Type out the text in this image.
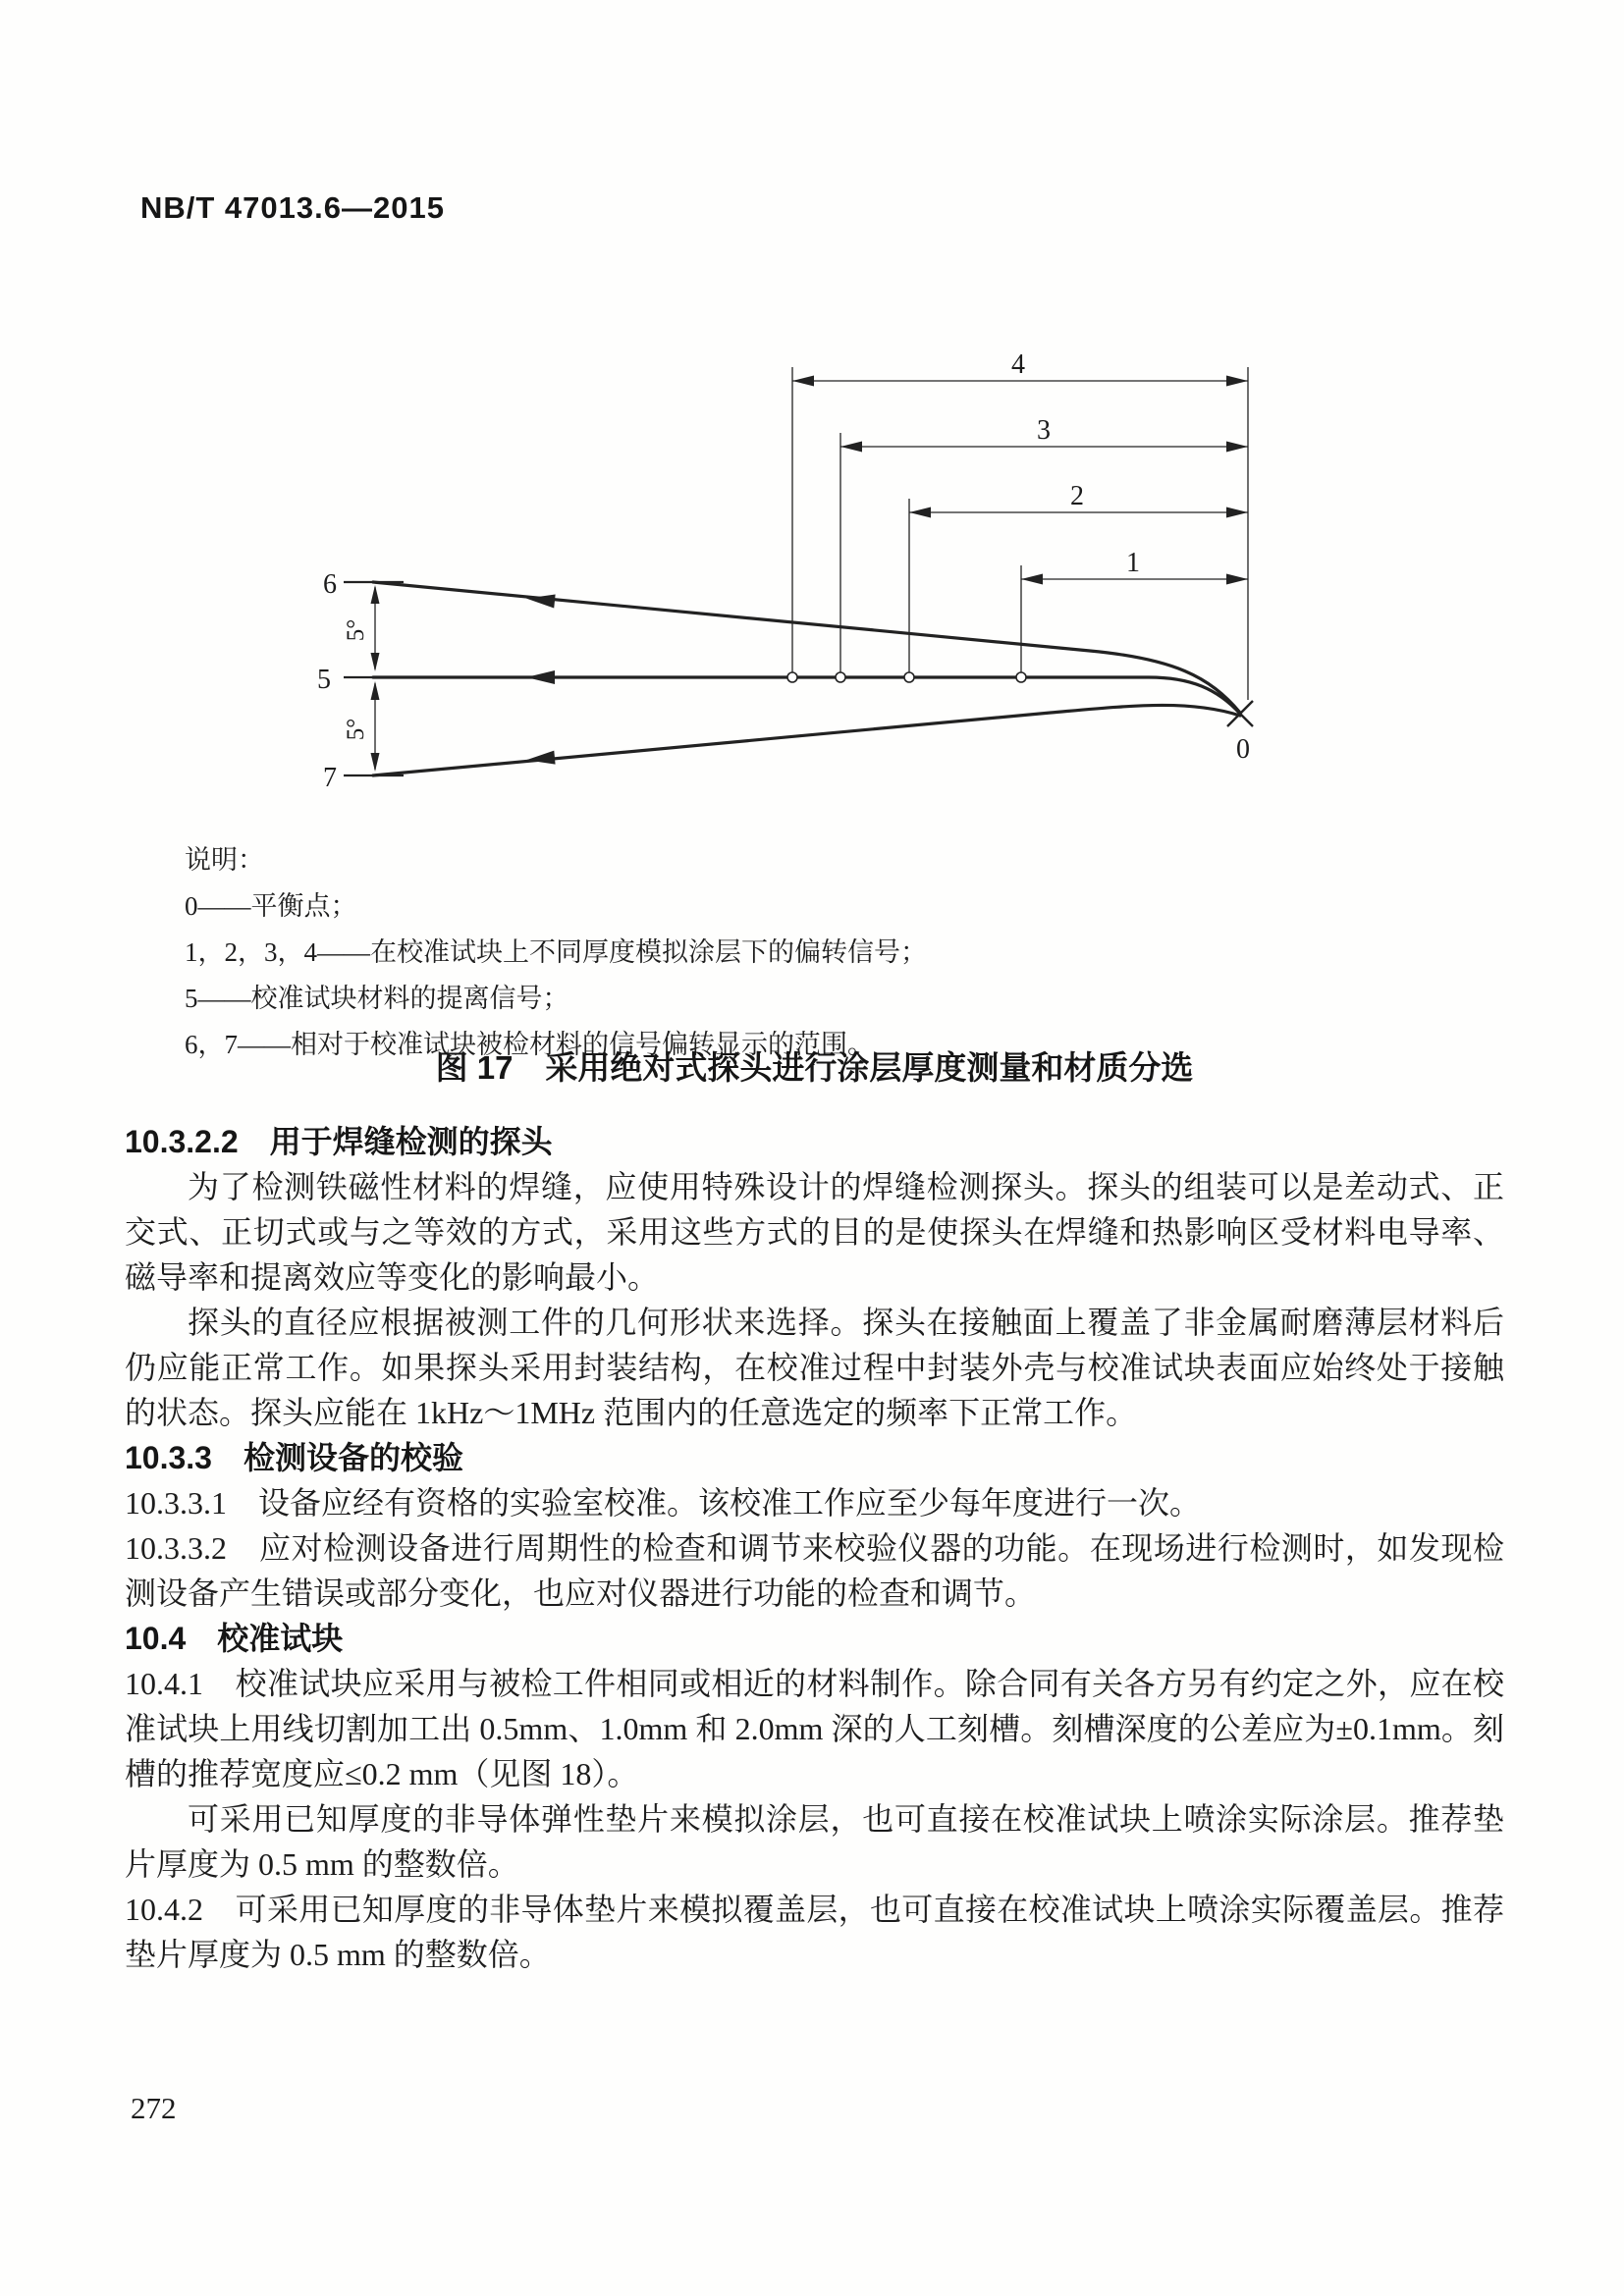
NB/T 47013.6—2015
4
3
2
1
6
5
7
0
5°
5°

说明：

0——平衡点；

1，2，3，4——在校准试块上不同厚度模拟涂层下的偏转信号；

5——校准试块材料的提离信号；

6，7——相对于校准试块被检材料的信号偏转显示的范围。

图 17　采用绝对式探头进行涂层厚度测量和材质分选

10.3.2.2　用于焊缝检测的探头

为了检测铁磁性材料的焊缝，应使用特殊设计的焊缝检测探头。探头的组装可以是差动式、正交式、正切式或与之等效的方式，采用这些方式的目的是使探头在焊缝和热影响区受材料电导率、磁导率和提离效应等变化的影响最小。

探头的直径应根据被测工件的几何形状来选择。探头在接触面上覆盖了非金属耐磨薄层材料后仍应能正常工作。如果探头采用封装结构，在校准过程中封装外壳与校准试块表面应始终处于接触的状态。探头应能在 1kHz～1MHz 范围内的任意选定的频率下正常工作。

10.3.3　检测设备的校验

10.3.3.1　设备应经有资格的实验室校准。该校准工作应至少每年度进行一次。

10.3.3.2　应对检测设备进行周期性的检查和调节来校验仪器的功能。在现场进行检测时，如发现检测设备产生错误或部分变化，也应对仪器进行功能的检查和调节。

10.4　校准试块

10.4.1　校准试块应采用与被检工件相同或相近的材料制作。除合同有关各方另有约定之外，应在校准试块上用线切割加工出 0.5mm、1.0mm 和 2.0mm 深的人工刻槽。刻槽深度的公差应为±0.1mm。刻槽的推荐宽度应≤0.2 mm（见图 18）。

可采用已知厚度的非导体弹性垫片来模拟涂层，也可直接在校准试块上喷涂实际涂层。推荐垫片厚度为 0.5 mm 的整数倍。

10.4.2　可采用已知厚度的非导体垫片来模拟覆盖层，也可直接在校准试块上喷涂实际覆盖层。推荐垫片厚度为 0.5 mm 的整数倍。

272
